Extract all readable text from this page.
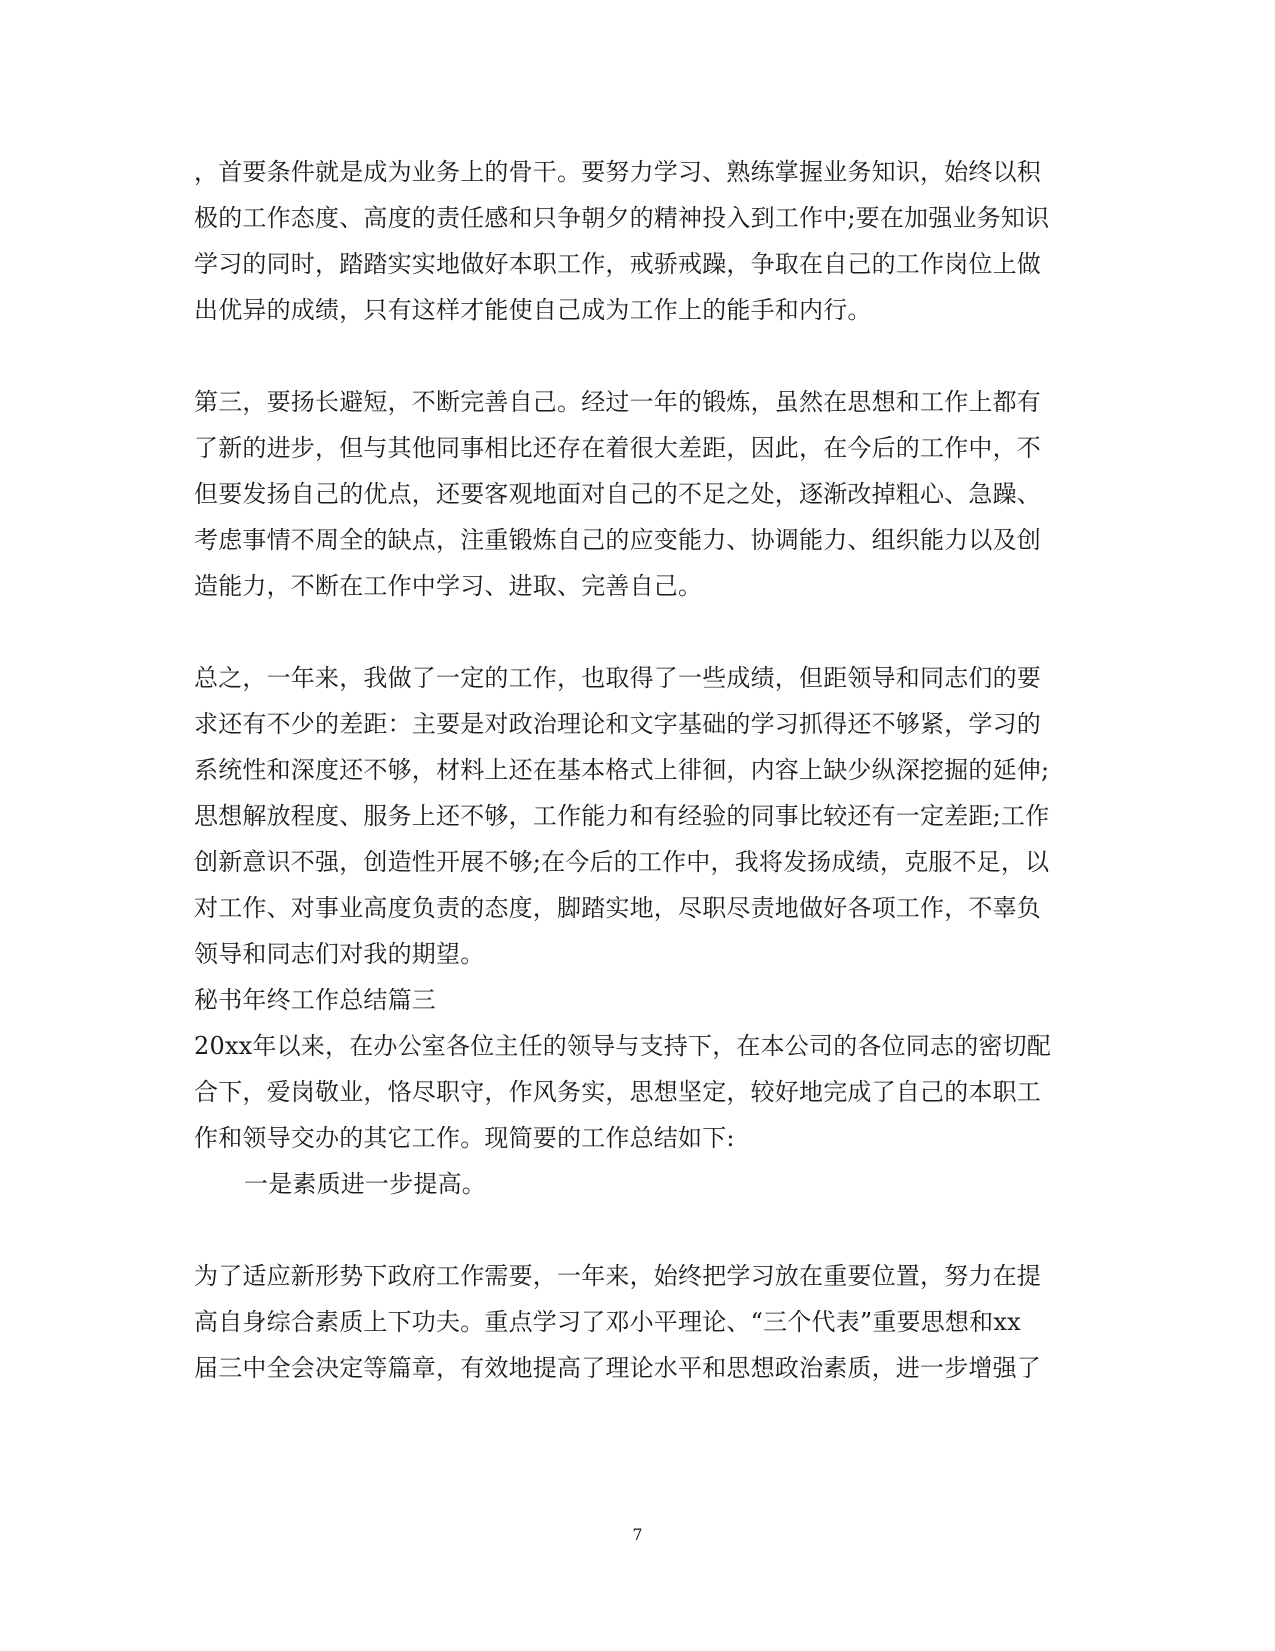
，首要条件就是成为业务上的骨干。要努力学习、熟练掌握业务知识，始终以积
极的工作态度、高度的责任感和只争朝夕的精神投入到工作中;要在加强业务知识
学习的同时，踏踏实实地做好本职工作，戒骄戒躁，争取在自己的工作岗位上做
出优异的成绩，只有这样才能使自己成为工作上的能手和内行。
第三，要扬长避短，不断完善自己。经过一年的锻炼，虽然在思想和工作上都有
了新的进步，但与其他同事相比还存在着很大差距，因此，在今后的工作中，不
但要发扬自己的优点，还要客观地面对自己的不足之处，逐渐改掉粗心、急躁、
考虑事情不周全的缺点，注重锻炼自己的应变能力、协调能力、组织能力以及创
造能力，不断在工作中学习、进取、完善自己。
总之，一年来，我做了一定的工作，也取得了一些成绩，但距领导和同志们的要
求还有不少的差距：主要是对政治理论和文字基础的学习抓得还不够紧，学习的
系统性和深度还不够，材料上还在基本格式上徘徊，内容上缺少纵深挖掘的延伸;
思想解放程度、服务上还不够，工作能力和有经验的同事比较还有一定差距;工作
创新意识不强，创造性开展不够;在今后的工作中，我将发扬成绩，克服不足，以
对工作、对事业高度负责的态度，脚踏实地，尽职尽责地做好各项工作，不辜负
领导和同志们对我的期望。
秘书年终工作总结篇三
20xx年以来，在办公室各位主任的领导与支持下，在本公司的各位同志的密切配
合下，爱岗敬业，恪尽职守，作风务实，思想坚定，较好地完成了自己的本职工
作和领导交办的其它工作。现简要的工作总结如下:
一是素质进一步提高。
为了适应新形势下政府工作需要，一年来，始终把学习放在重要位置，努力在提
高自身综合素质上下功夫。重点学习了邓小平理论、“三个代表”重要思想和xx
届三中全会决定等篇章，有效地提高了理论水平和思想政治素质，进一步增强了
7
